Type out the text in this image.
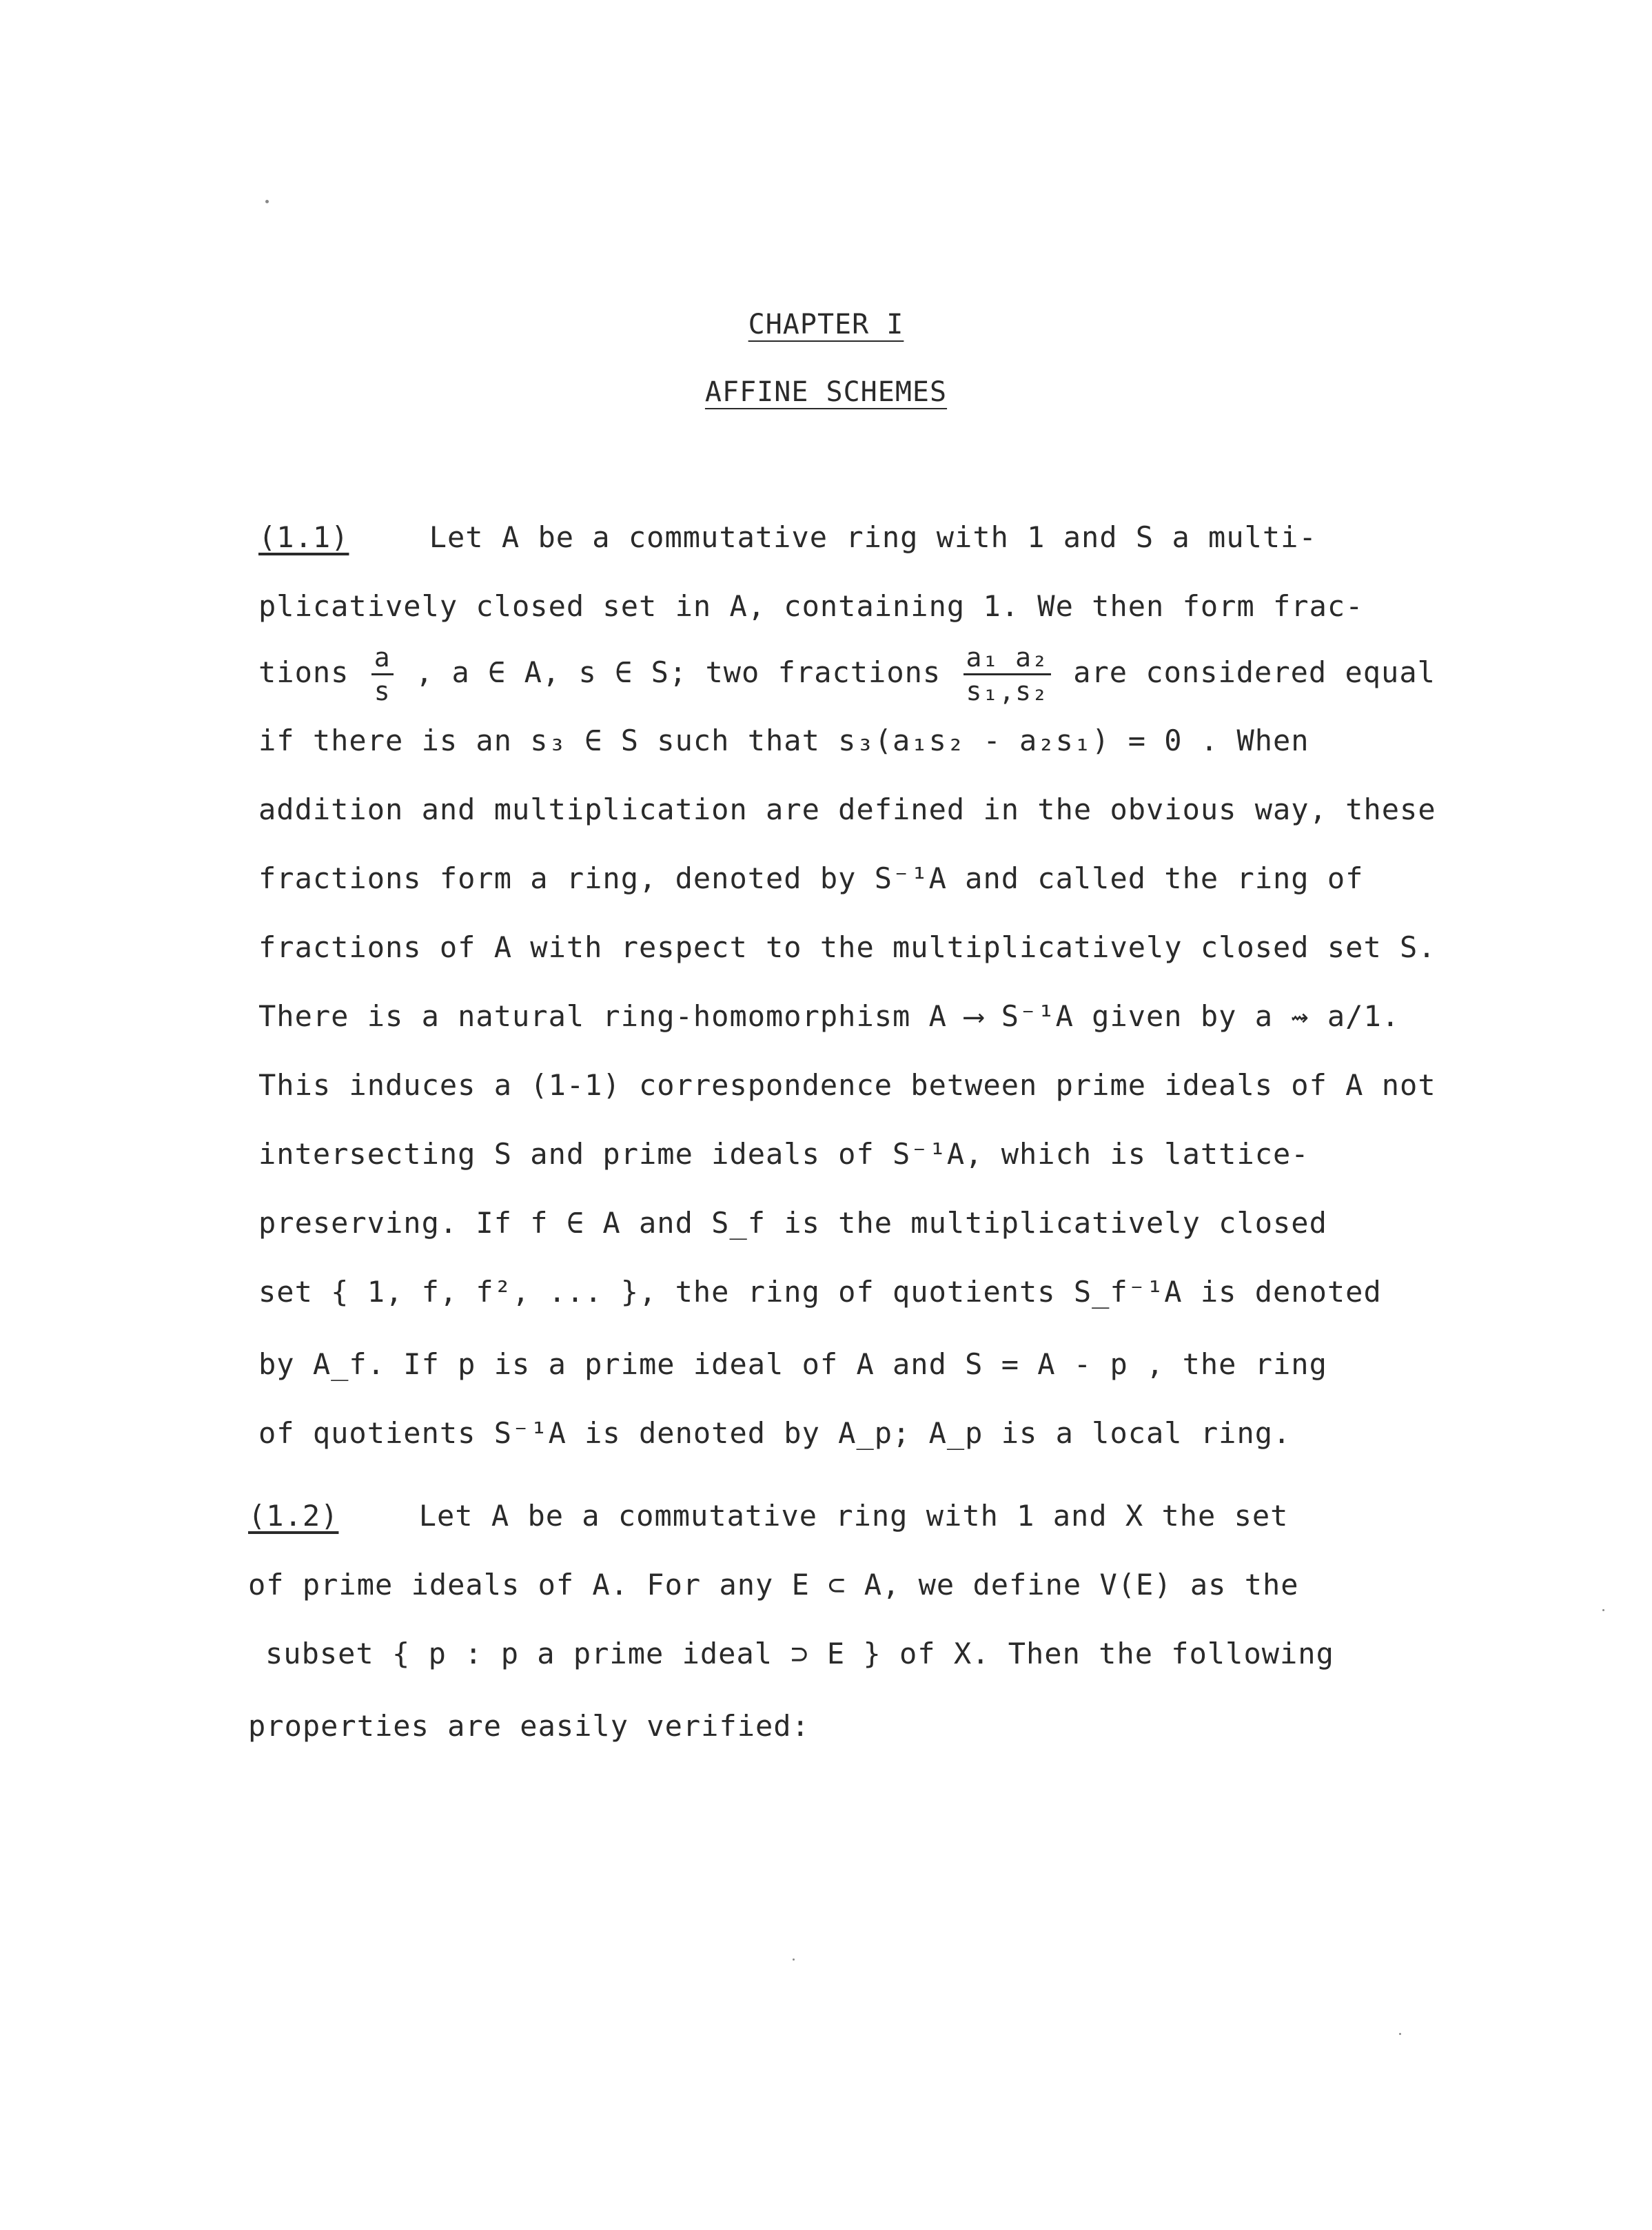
CHAPTER I
AFFINE SCHEMES
(1.1)	Let A be a commutative ring with 1 and S a multi-
plicatively closed set in A, containing 1. We then form frac-
tions $\frac{a}{s}$ , a ∈ A, s ∈ S; two fractions $\frac{\text{a₁ a₂}}{\text{s₁,s₂}}$ are considered equal
if there is an s₃ ∈ S such that s₃(a₁s₂ - a₂s₁) = 0 . When
addition and multiplication are defined in the obvious way, these
fractions form a ring, denoted by S⁻¹A and called the ring of
fractions of A with respect to the multiplicatively closed set S.
There is a natural ring-homomorphism A ⟶ S⁻¹A given by a ⇝ a/1.
This induces a (1-1) correspondence between prime ideals of A not
intersecting S and prime ideals of S⁻¹A, which is lattice-
preserving. If f ∈ A and S_f is the multiplicatively closed
set { 1, f, f², ... }, the ring of quotients S_f⁻¹A is denoted
by A_f. If p is a prime ideal of A and S = A - p , the ring
of quotients S⁻¹A is denoted by A_p; A_p is a local ring.
(1.2)	Let A be a commutative ring with 1 and X the set
of prime ideals of A. For any E ⊂ A, we define V(E) as the
subset { p : p a prime ideal ⊃ E } of X. Then the following
properties are easily verified:
